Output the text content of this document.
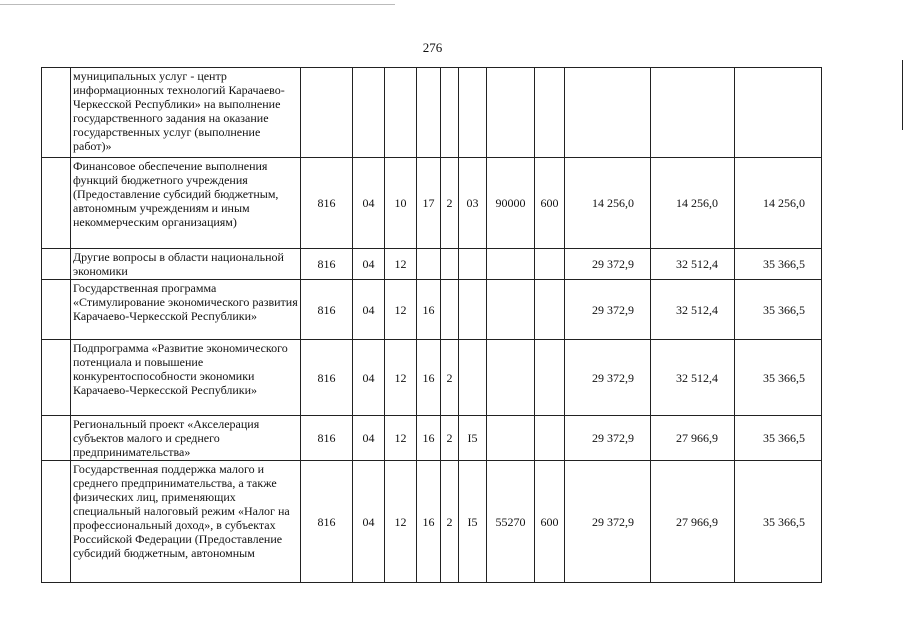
276
	муниципальных услуг - центр информационных технологий Карачаево-Черкесской Республики» на выполнение государственного задания на оказание государственных услуг (выполнение работ)»											
	Финансовое обеспечение выполнения функций бюджетного учреждения (Предоставление субсидий бюджетным, автономным учреждениям и иным некоммерческим организациям)	816	04	10	17	2	03	90000	600	14 256,0	14 256,0	14 256,0
	Другие вопросы в области национальной экономики	816	04	12						29 372,9	32 512,4	35 366,5
	Государственная программа «Стимулирование экономического развития Карачаево-Черкесской Республики»	816	04	12	16					29 372,9	32 512,4	35 366,5
	Подпрограмма «Развитие экономического потенциала и повышение конкурентоспособности экономики Карачаево-Черкесской Республики»	816	04	12	16	2				29 372,9	32 512,4	35 366,5
	Региональный проект «Акселерация субъектов малого и среднего предпринимательства»	816	04	12	16	2	I5			29 372,9	27 966,9	35 366,5
	Государственная поддержка малого и среднего предпринимательства, а также физических лиц, применяющих специальный налоговый режим «Налог на профессиональный доход», в субъектах Российской Федерации (Предоставление субсидий бюджетным, автономным	816	04	12	16	2	I5	55270	600	29 372,9	27 966,9	35 366,5
